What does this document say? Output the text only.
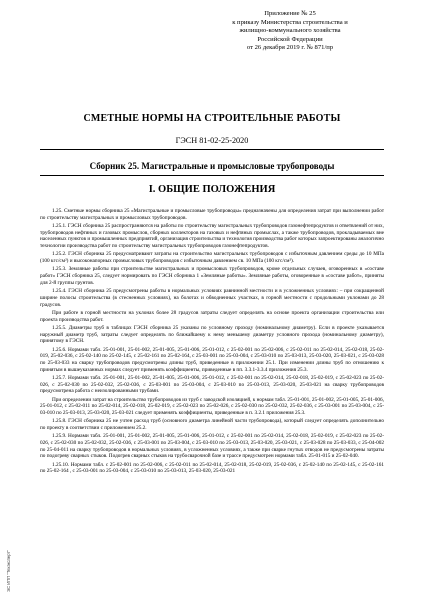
Приложение № 25
к приказу Министерства строительства и
жилищно-коммунального хозяйства
Российской Федерации
от 26 декабря 2019 г. № 871/пр
СМЕТНЫЕ НОРМЫ НА СТРОИТЕЛЬНЫЕ РАБОТЫ
ГЭСН 81-02-25-2020
Сборник 25. Магистральные и промысловые трубопроводы
I. ОБЩИЕ ПОЛОЖЕНИЯ

1.25. Сметные нормы сборника 25 «Магистральные и промысловые трубопроводы» предназначены для определения затрат при выполнении работ по строительству магистральных и промысловых трубопроводов.

1.25.1. ГЭСН сборника 25 распространяются на работы по строительству магистральных трубопроводов газонефтепродуктов и ответвлений от них, трубопроводов нефтяных и газовых промыслов, сборных коллекторов на газовых и нефтяных промыслах, а также трубопроводов, прокладываемых вне населенных пунктов и промышленных предприятий, организация строительства и технология производства работ которых запроектированы аналогично технологии производства работ по строительству магистральных трубопроводов газонефтепродуктов.

1.25.2. ГЭСН сборника 25 предусматривают затраты на строительство магистральных трубопроводов с избыточным давлением среды до 10 МПа (100 кгс/см²) и высоконапорных промысловых трубопроводов с избыточным давлением св. 10 МПа (100 кгс/см²).

1.25.3. Земляные работы при строительстве магистральных и промысловых трубопроводов, кроме отдельных случаев, оговоренных в «составе работ» ГЭСН сборника 25, следует нормировать по ГЭСН сборника 1 «Земляные работы». Земляные работы, оговоренные в «составе работ», приняты для 2-й группы грунтов.

1.25.4. ГЭСН сборника 25 предусмотрены работы в нормальных условиях равнинной местности и в усложненных условиях: – при сокращенной ширине полосы строительства (в стесненных условиях), на болотах и обводненных участках, в горной местности с продольными уклонами до 28 градусов.

При работе в горной местности на уклонах более 28 градусов затраты следует определять на основе проекта организации строительства или проекта производства работ.

1.25.5. Диаметры труб в таблицах ГЭСН сборника 25 указаны по условному проходу (номинальному диаметру). Если в проекте указывается наружный диаметр труб, затраты следует определять по ближайшему к нему меньшему диаметру условного прохода (номинальному диаметру), принятому в ГЭСН.

1.25.6. Нормами табл. 25-01-001, 25-01-002, 25-01-005, 25-01-006, 25-01-012, с 25-02-001 по 25-02-006, с 25-02-011 по 25-02-014, 25-02-018, 25-02-019, 25-02-036, с 25-02-140 по 25-02-145, с 25-02-161 по 25-02-164, с 25-03-001 по 25-03-004, с 25-03-010 по 25-03-013, 25-03-020, 25-03-021, с 25-03-028 по 25-03-033 на сварку трубопроводов предусмотрены длины труб, приведенные в приложении 25.1. При изменении длины труб по отношению к принятым в вышеуказанных нормах следует применять коэффициенты, приведенные в пп. 3.3.1-3.3.4 приложения 25.3.

1.25.7. Нормами табл. 25-01-001, 25-01-002, 25-01-005, 25-01-006, 25-01-012, с 25-02-001 по 25-02-014, 25-02-018, 25-02-019, с 25-02-023 по 25-02-026, с 25-02-030 по 25-02-032, 25-02-036, с 25-03-001 по 25-03-004, с 25-03-010 по 25-03-013, 25-03-020, 25-03-021 на сварку трубопроводов предусмотрена работа с неизолированными трубами.

При определении затрат на строительство трубопроводов из труб с заводской изоляцией, к нормам табл. 25-01-001, 25-01-002, 25-01-005, 25-01-006, 25-01-012, с 25-02-011 по 25-02-014, 25-02-018, 25-02-019, с 25-02-023 по 25-02-026, с 25-02-030 по 25-02-032, 25-02-036, с 25-03-001 по 25-03-004, с 25-03-010 по 25-03-013, 25-03-020, 25-03-021 следует применять коэффициенты, приведенные в п. 3.2.1 приложения 25.3.

1.25.8. ГЭСН сборника 25 не учтен расход труб (основного диаметра линейной части трубопровода), который следует определять дополнительно по проекту в соответствии с приложением 25.2.

1.25.9. Нормами табл. 25-01-001, 25-01-002, 25-01-005, 25-01-006, 25-01-012, с 25-02-001 по 25-02-014, 25-02-018, 25-02-019, с 25-02-023 по 25-02-026, с 25-02-030 по 25-02-032, 25-02-036, с 25-03-001 по 25-03-004, с 25-03-010 по 25-03-013, 25-03-020, 25-03-021, с 25-03-028 по 25-03-033, с 25-04-002 по 25-04-011 на сварку трубопроводов в нормальных условиях, в усложненных условиях, а также при сварке гнутых отводов не предусмотрены затраты по подогреву сварных стыков. Подогрев сварных стыков на трубосварочной базе и трассе предусмотрен нормами табл. 25-01-015 и 25-02-040.

1.25.10. Нормами табл. с 25-02-001 по 25-02-006, с 25-02-011 по 25-02-014, 25-02-018, 25-02-019, 25-02-036, с 25-02-140 по 25-02-145, с 25-02-161 по 25-02-164 , с 25-03-001 по 25-03-004, с 25-03-010 по 25-03-013, 25-03-020, 25-03-021

ЭС ИПП "Техэксперт"
